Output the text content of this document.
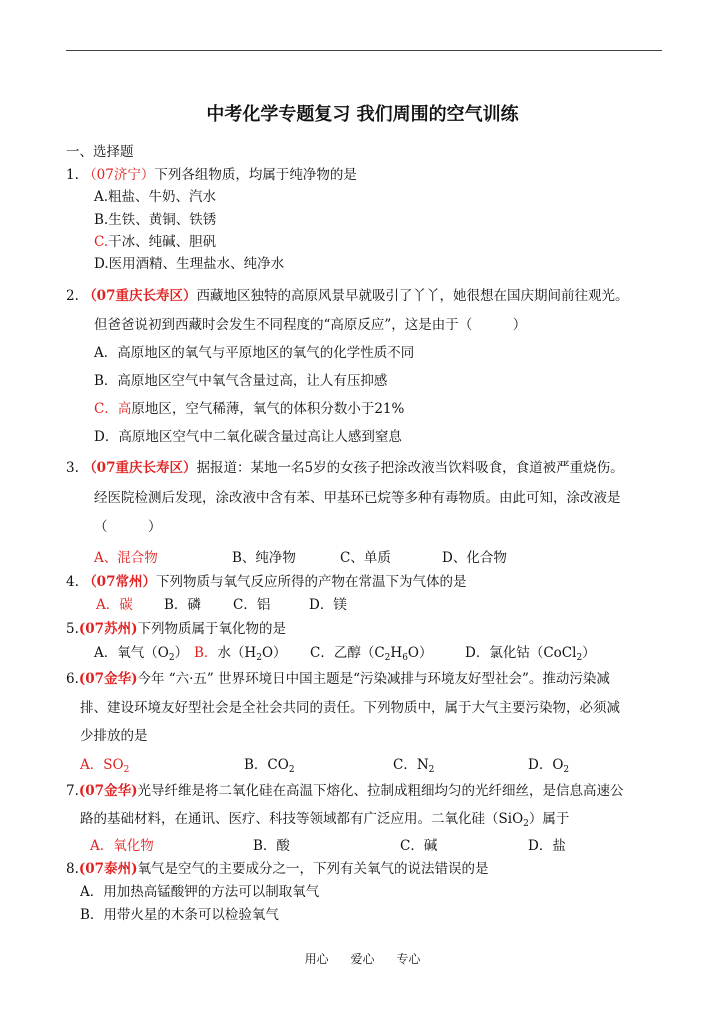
中考化学专题复习 我们周围的空气训练
一、选择题
1. （07济宁）下列各组物质，均属于纯净物的是
A.粗盐、牛奶、汽水
B.生铁、黄铜、铁锈
C.干冰、纯碱、胆矾
D.医用酒精、生理盐水、纯净水
2. （07重庆长寿区）西藏地区独特的高原风景早就吸引了丫丫，她很想在国庆期间前往观光。
但爸爸说初到西藏时会发生不同程度的“高原反应”，这是由于（　　　）
A．高原地区的氧气与平原地区的氧气的化学性质不同
B．高原地区空气中氧气含量过高，让人有压抑感
C．高原地区，空气稀薄，氧气的体积分数小于21%
D．高原地区空气中二氧化碳含量过高让人感到窒息
3. （07重庆长寿区）据报道：某地一名5岁的女孩子把涂改液当饮料吸食，食道被严重烧伤。
经医院检测后发现，涂改液中含有苯、甲基环已烷等多种有毒物质。由此可知，涂改液是
（　　　）
A、混合物	B、纯净物	C、单质	D、化合物
4. （07常州）下列物质与氧气反应所得的产物在常温下为气体的是
A．碳 B．磷 C．铝	D．镁
5.(07苏州)下列物质属于氧化物的是
A．氧气$(O_2)$ B．水$(H_2O)$ C．乙醇$(C_2H_6O)$ D．氯化钴（CoCl$_2$）
6.(07金华)今年 “六·五” 世界环境日中国主题是“污染减排与环境友好型社会”。推动污染减
排、建设环境友好型社会是全社会共同的责任。下列物质中，属于大气主要污染物，必须减
少排放的是
A．$SO_2$	B．$CO_2$	C．$N_2$	D．$O_2$
7.(07金华)光导纤维是将二氧化硅在高温下熔化、拉制成粗细均匀的光纤细丝，是信息高速公
路的基础材料，在通讯、医疗、科技等领域都有广泛应用。二氧化硅（SiO$_2$）属于
A．氧化物	B．酸	C．碱	D．盐
8.(07泰州)氧气是空气的主要成分之一，下列有关氧气的说法错误的是
A．用加热高锰酸钾的方法可以制取氧气
B．用带火星的木条可以检验氧气
用心 爱心 专心
